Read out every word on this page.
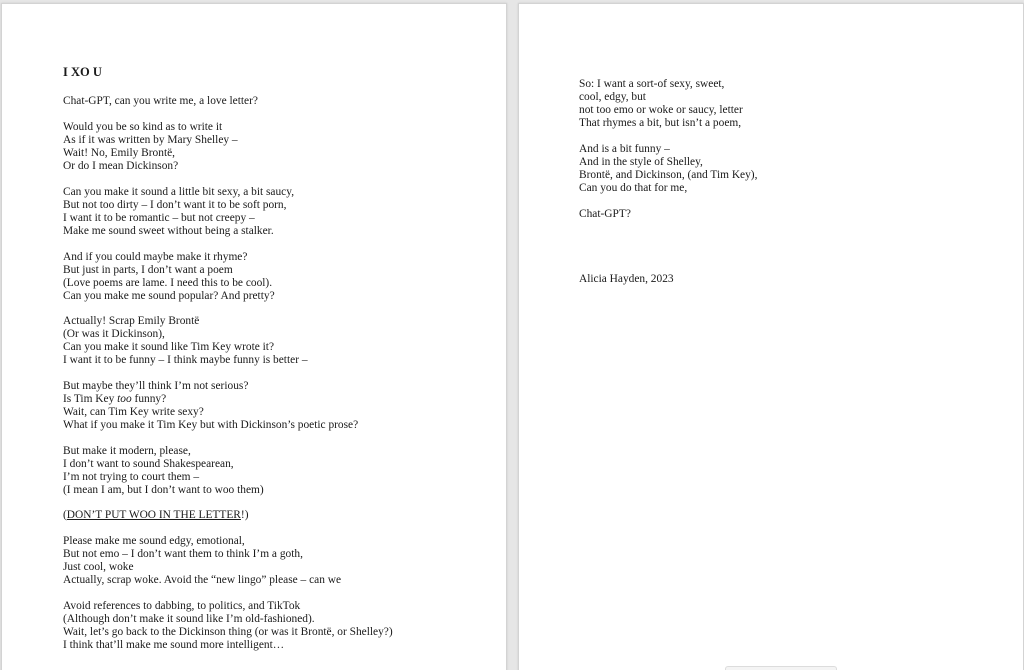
I XO U
Chat-GPT, can you write me, a love letter?
Would you be so kind as to write it
As if it was written by Mary Shelley –
Wait! No, Emily Brontë,
Or do I mean Dickinson?
Can you make it sound a little bit sexy, a bit saucy,
But not too dirty – I don’t want it to be soft porn,
I want it to be romantic – but not creepy –
Make me sound sweet without being a stalker.
And if you could maybe make it rhyme?
But just in parts, I don’t want a poem
(Love poems are lame. I need this to be cool).
Can you make me sound popular? And pretty?
Actually! Scrap Emily Brontë
(Or was it Dickinson),
Can you make it sound like Tim Key wrote it?
I want it to be funny – I think maybe funny is better –
But maybe they’ll think I’m not serious?
Is Tim Key too funny?
Wait, can Tim Key write sexy?
What if you make it Tim Key but with Dickinson’s poetic prose?
But make it modern, please,
I don’t want to sound Shakespearean,
I’m not trying to court them –
(I mean I am, but I don’t want to woo them)
(DON’T PUT WOO IN THE LETTER!)
Please make me sound edgy, emotional,
But not emo – I don’t want them to think I’m a goth,
Just cool, woke
Actually, scrap woke. Avoid the “new lingo” please – can we
Avoid references to dabbing, to politics, and TikTok
(Although don’t make it sound like I’m old-fashioned).
Wait, let’s go back to the Dickinson thing (or was it Brontë, or Shelley?)
I think that’ll make me sound more intelligent…
So: I want a sort-of sexy, sweet,
cool, edgy, but
not too emo or woke or saucy, letter
That rhymes a bit, but isn’t a poem,
And is a bit funny –
And in the style of Shelley,
Brontë, and Dickinson, (and Tim Key),
Can you do that for me,
Chat-GPT?
Alicia Hayden, 2023
